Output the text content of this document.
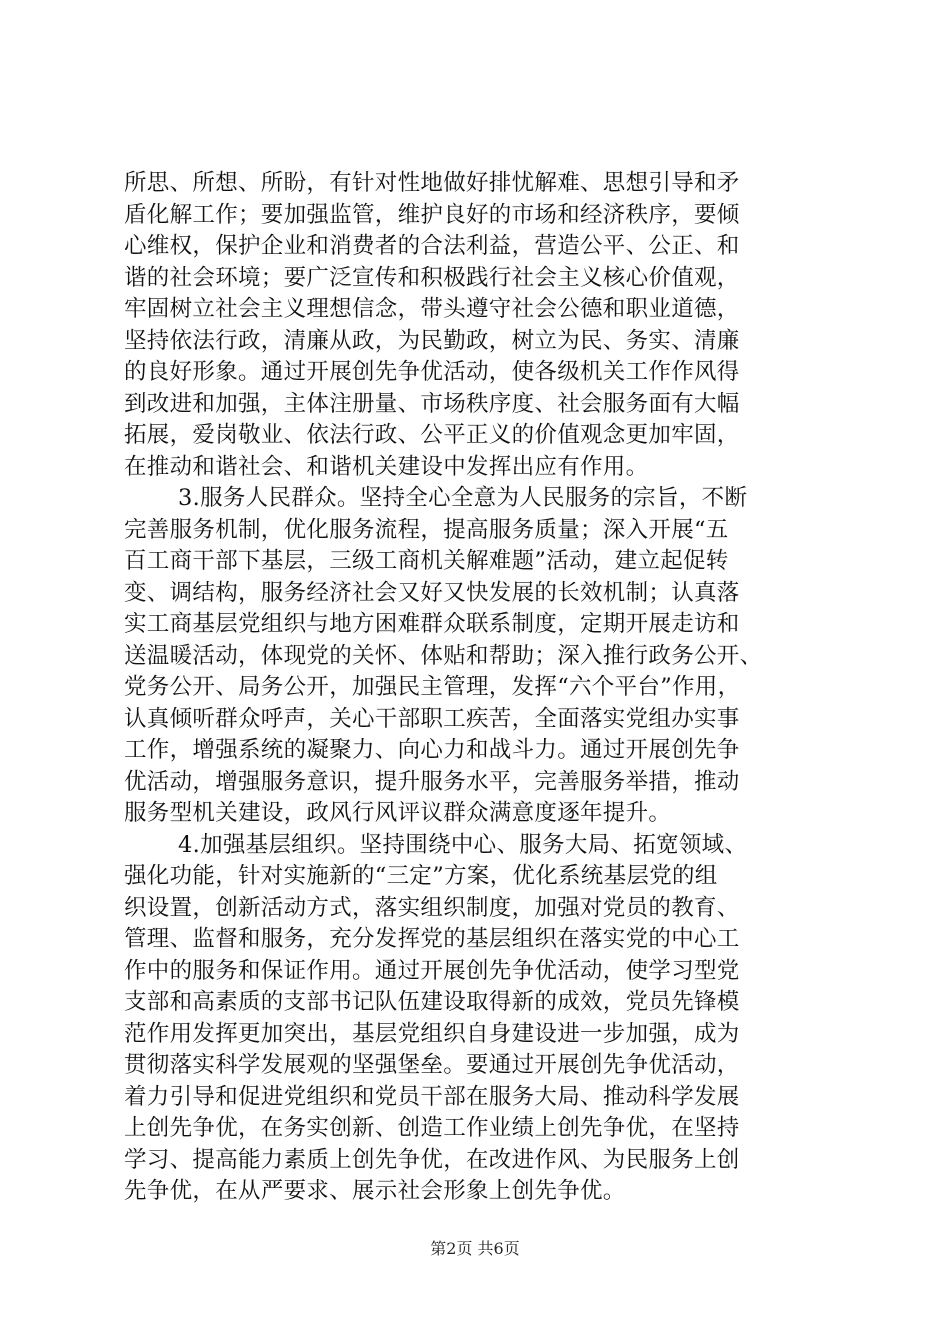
所思、所想、所盼，有针对性地做好排忧解难、思想引导和矛
盾化解工作；要加强监管，维护良好的市场和经济秩序，要倾
心维权，保护企业和消费者的合法利益，营造公平、公正、和
谐的社会环境；要广泛宣传和积极践行社会主义核心价值观，
牢固树立社会主义理想信念，带头遵守社会公德和职业道德，
坚持依法行政，清廉从政，为民勤政，树立为民、务实、清廉
的良好形象。通过开展创先争优活动，使各级机关工作作风得
到改进和加强，主体注册量、市场秩序度、社会服务面有大幅
拓展，爱岗敬业、依法行政、公平正义的价值观念更加牢固，
在推动和谐社会、和谐机关建设中发挥出应有作用。
3.服务人民群众。坚持全心全意为人民服务的宗旨，不断
完善服务机制，优化服务流程，提高服务质量；深入开展“五
百工商干部下基层，三级工商机关解难题”活动，建立起促转
变、调结构，服务经济社会又好又快发展的长效机制；认真落
实工商基层党组织与地方困难群众联系制度，定期开展走访和
送温暖活动，体现党的关怀、体贴和帮助；深入推行政务公开、
党务公开、局务公开，加强民主管理，发挥“六个平台”作用，
认真倾听群众呼声，关心干部职工疾苦，全面落实党组办实事
工作，增强系统的凝聚力、向心力和战斗力。通过开展创先争
优活动，增强服务意识，提升服务水平，完善服务举措，推动
服务型机关建设，政风行风评议群众满意度逐年提升。
4.加强基层组织。坚持围绕中心、服务大局、拓宽领域、
强化功能，针对实施新的“三定”方案，优化系统基层党的组
织设置，创新活动方式，落实组织制度，加强对党员的教育、
管理、监督和服务，充分发挥党的基层组织在落实党的中心工
作中的服务和保证作用。通过开展创先争优活动，使学习型党
支部和高素质的支部书记队伍建设取得新的成效，党员先锋模
范作用发挥更加突出，基层党组织自身建设进一步加强，成为
贯彻落实科学发展观的坚强堡垒。要通过开展创先争优活动，
着力引导和促进党组织和党员干部在服务大局、推动科学发展
上创先争优，在务实创新、创造工作业绩上创先争优，在坚持
学习、提高能力素质上创先争优，在改进作风、为民服务上创
先争优，在从严要求、展示社会形象上创先争优。
第2页 共6页
